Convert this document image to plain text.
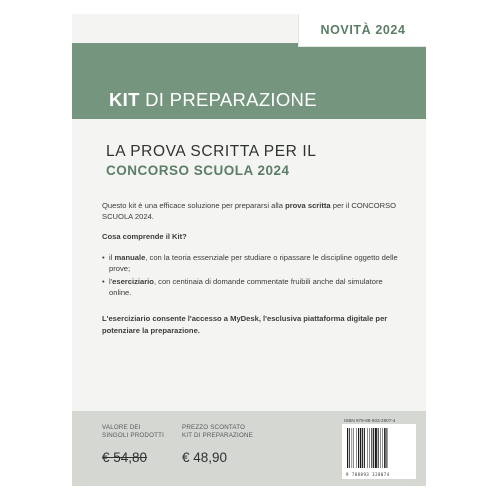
KIT DI PREPARAZIONE
NOVITÀ 2024
LA PROVA SCRITTA PER IL
CONCORSO SCUOLA 2024

Questo kit è una efficace soluzione per prepararsi alla prova scritta per il CONCORSO SCUOLA 2024.

Cosa comprende il Kit?

• il manuale, con la teoria essenziale per studiare o ripassare le discipline oggetto delle prove;
• l'eserciziario, con centinaia di domande commentate fruibili anche dal simulatore online.

L'eserciziario consente l'accesso a MyDesk, l'esclusiva piattaforma digitale per potenziare la preparazione.

VALORE DEI
SINGOLI PRODOTTI
€ 54,80
PREZZO SCONTATO
KIT DI PREPARAZIONE
€ 48,90
ISBN 978-88-933-2807-4
9 788893 328074
